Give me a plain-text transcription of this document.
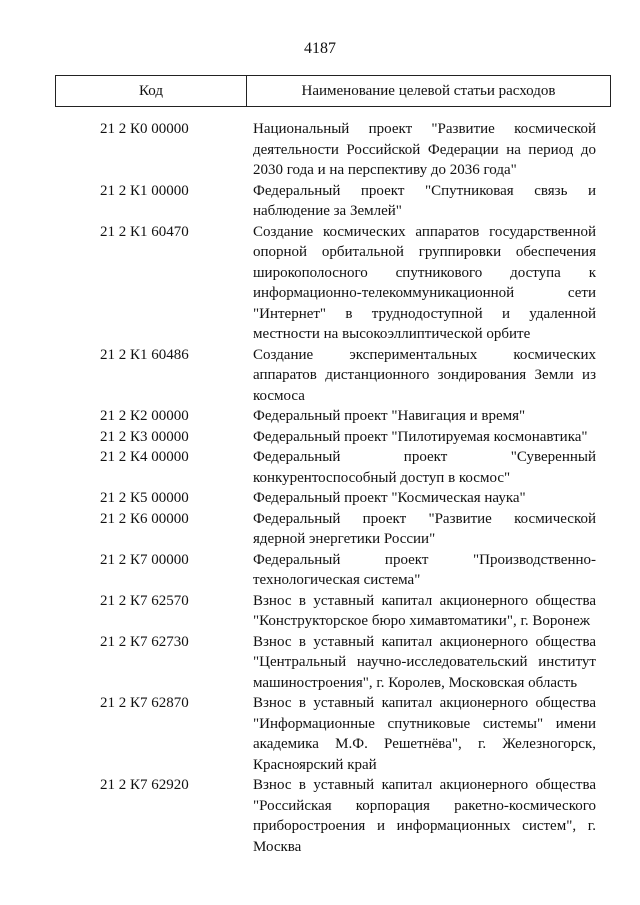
4187
Код	Наименование целевой статьи расходов
21 2 К0 00000	Национальный проект "Развитие космической деятельности Российской Федерации на период до 2030 года и на перспективу до 2036 года"
21 2 К1 00000	Федеральный проект "Спутниковая связь и наблюдение за Землей"
21 2 К1 60470	Создание космических аппаратов государственной опорной орбитальной группировки обеспечения широкополосного спутникового доступа к информационно-телекоммуникационной сети "Интернет" в труднодоступной и удаленной местности на высокоэллиптической орбите
21 2 К1 60486	Создание экспериментальных космических аппаратов дистанционного зондирования Земли из космоса
21 2 К2 00000	Федеральный проект "Навигация и время"
21 2 К3 00000	Федеральный проект "Пилотируемая космонавтика"
21 2 К4 00000	Федеральный проект "Суверенный конкурентоспособный доступ в космос"
21 2 К5 00000	Федеральный проект "Космическая наука"
21 2 К6 00000	Федеральный проект "Развитие космической ядерной энергетики России"
21 2 К7 00000	Федеральный проект "Производственно-технологическая система"
21 2 К7 62570	Взнос в уставный капитал акционерного общества "Конструкторское бюро химавтоматики", г. Воронеж
21 2 К7 62730	Взнос в уставный капитал акционерного общества "Центральный научно-исследовательский институт машиностроения", г. Королев, Московская область
21 2 К7 62870	Взнос в уставный капитал акционерного общества "Информационные спутниковые системы" имени академика М.Ф. Решетнёва", г. Железногорск, Красноярский край
21 2 К7 62920	Взнос в уставный капитал акционерного общества "Российская корпорация ракетно-космического приборостроения и информационных систем", г. Москва
